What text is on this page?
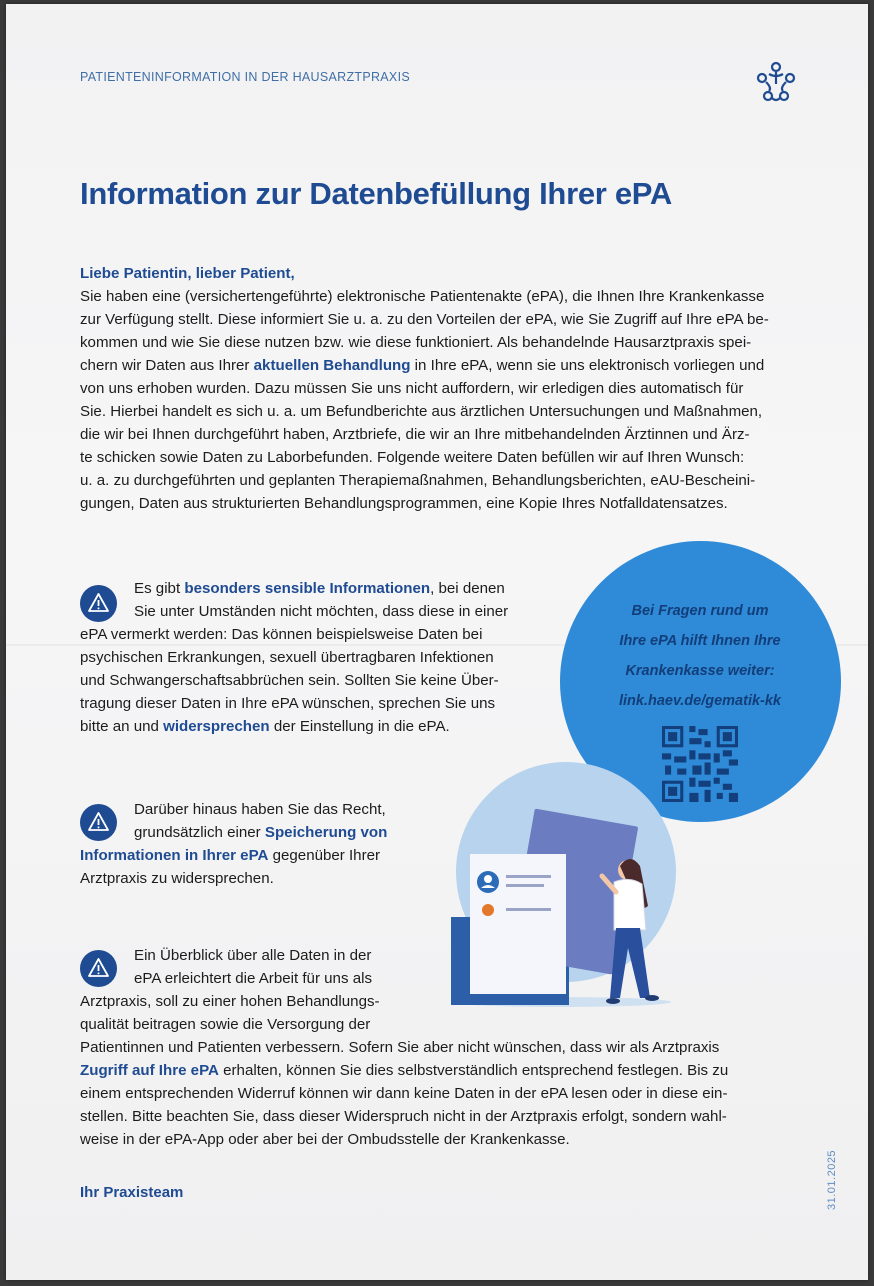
PATIENTENINFORMATION IN DER HAUSARZTPRAXIS
Information zur Datenbefüllung Ihrer ePA
Liebe Patientin, lieber Patient,
Sie haben eine (versichertengeführte) elektronische Patientenakte (ePA), die Ihnen Ihre Krankenkasse
zur Verfügung stellt. Diese informiert Sie u. a. zu den Vorteilen der ePA, wie Sie Zugriff auf Ihre ePA be-
kommen und wie Sie diese nutzen bzw. wie diese funktioniert. Als behandelnde Hausarztpraxis spei-
chern wir Daten aus Ihrer aktuellen Behandlung in Ihre ePA, wenn sie uns elektronisch vorliegen und
von uns erhoben wurden. Dazu müssen Sie uns nicht auffordern, wir erledigen dies automatisch für
Sie. Hierbei handelt es sich u. a. um Befundberichte aus ärztlichen Untersuchungen und Maßnahmen,
die wir bei Ihnen durchgeführt haben, Arztbriefe, die wir an Ihre mitbehandelnden Ärztinnen und Ärz-
te schicken sowie Daten zu Laborbefunden. Folgende weitere Daten befüllen wir auf Ihren Wunsch:
u. a. zu durchgeführten und geplanten Therapiemaßnahmen, Behandlungsberichten, eAU-Bescheini-
gungen, Daten aus strukturierten Behandlungsprogrammen, eine Kopie Ihres Notfalldatensatzes.
Es gibt besonders sensible Informationen, bei denen
Sie unter Umständen nicht möchten, dass diese in einer
ePA vermerkt werden: Das können beispielsweise Daten bei
psychischen Erkrankungen, sexuell übertragbaren Infektionen
und Schwangerschaftsabbrüchen sein. Sollten Sie keine Über-
tragung dieser Daten in Ihre ePA wünschen, sprechen Sie uns
bitte an und widersprechen der Einstellung in die ePA.
Darüber hinaus haben Sie das Recht,
grundsätzlich einer Speicherung von
Informationen in Ihrer ePA gegenüber Ihrer
Arztpraxis zu widersprechen.
Ein Überblick über alle Daten in der
ePA erleichtert die Arbeit für uns als
Arztpraxis, soll zu einer hohen Behandlungs-
qualität beitragen sowie die Versorgung der
Patientinnen und Patienten verbessern. Sofern Sie aber nicht wünschen, dass wir als Arztpraxis
Zugriff auf Ihre ePA erhalten, können Sie dies selbstverständlich entsprechend festlegen. Bis zu
einem entsprechenden Widerruf können wir dann keine Daten in der ePA lesen oder in diese ein-
stellen. Bitte beachten Sie, dass dieser Widerspruch nicht in der Arztpraxis erfolgt, sondern wahl-
weise in der ePA-App oder aber bei der Ombudsstelle der Krankenkasse.
Bei Fragen rund um
Ihre ePA hilft Ihnen Ihre
Krankenkasse weiter:
link.haev.de/gematik-kk
Ihr Praxisteam	31.01.2025
